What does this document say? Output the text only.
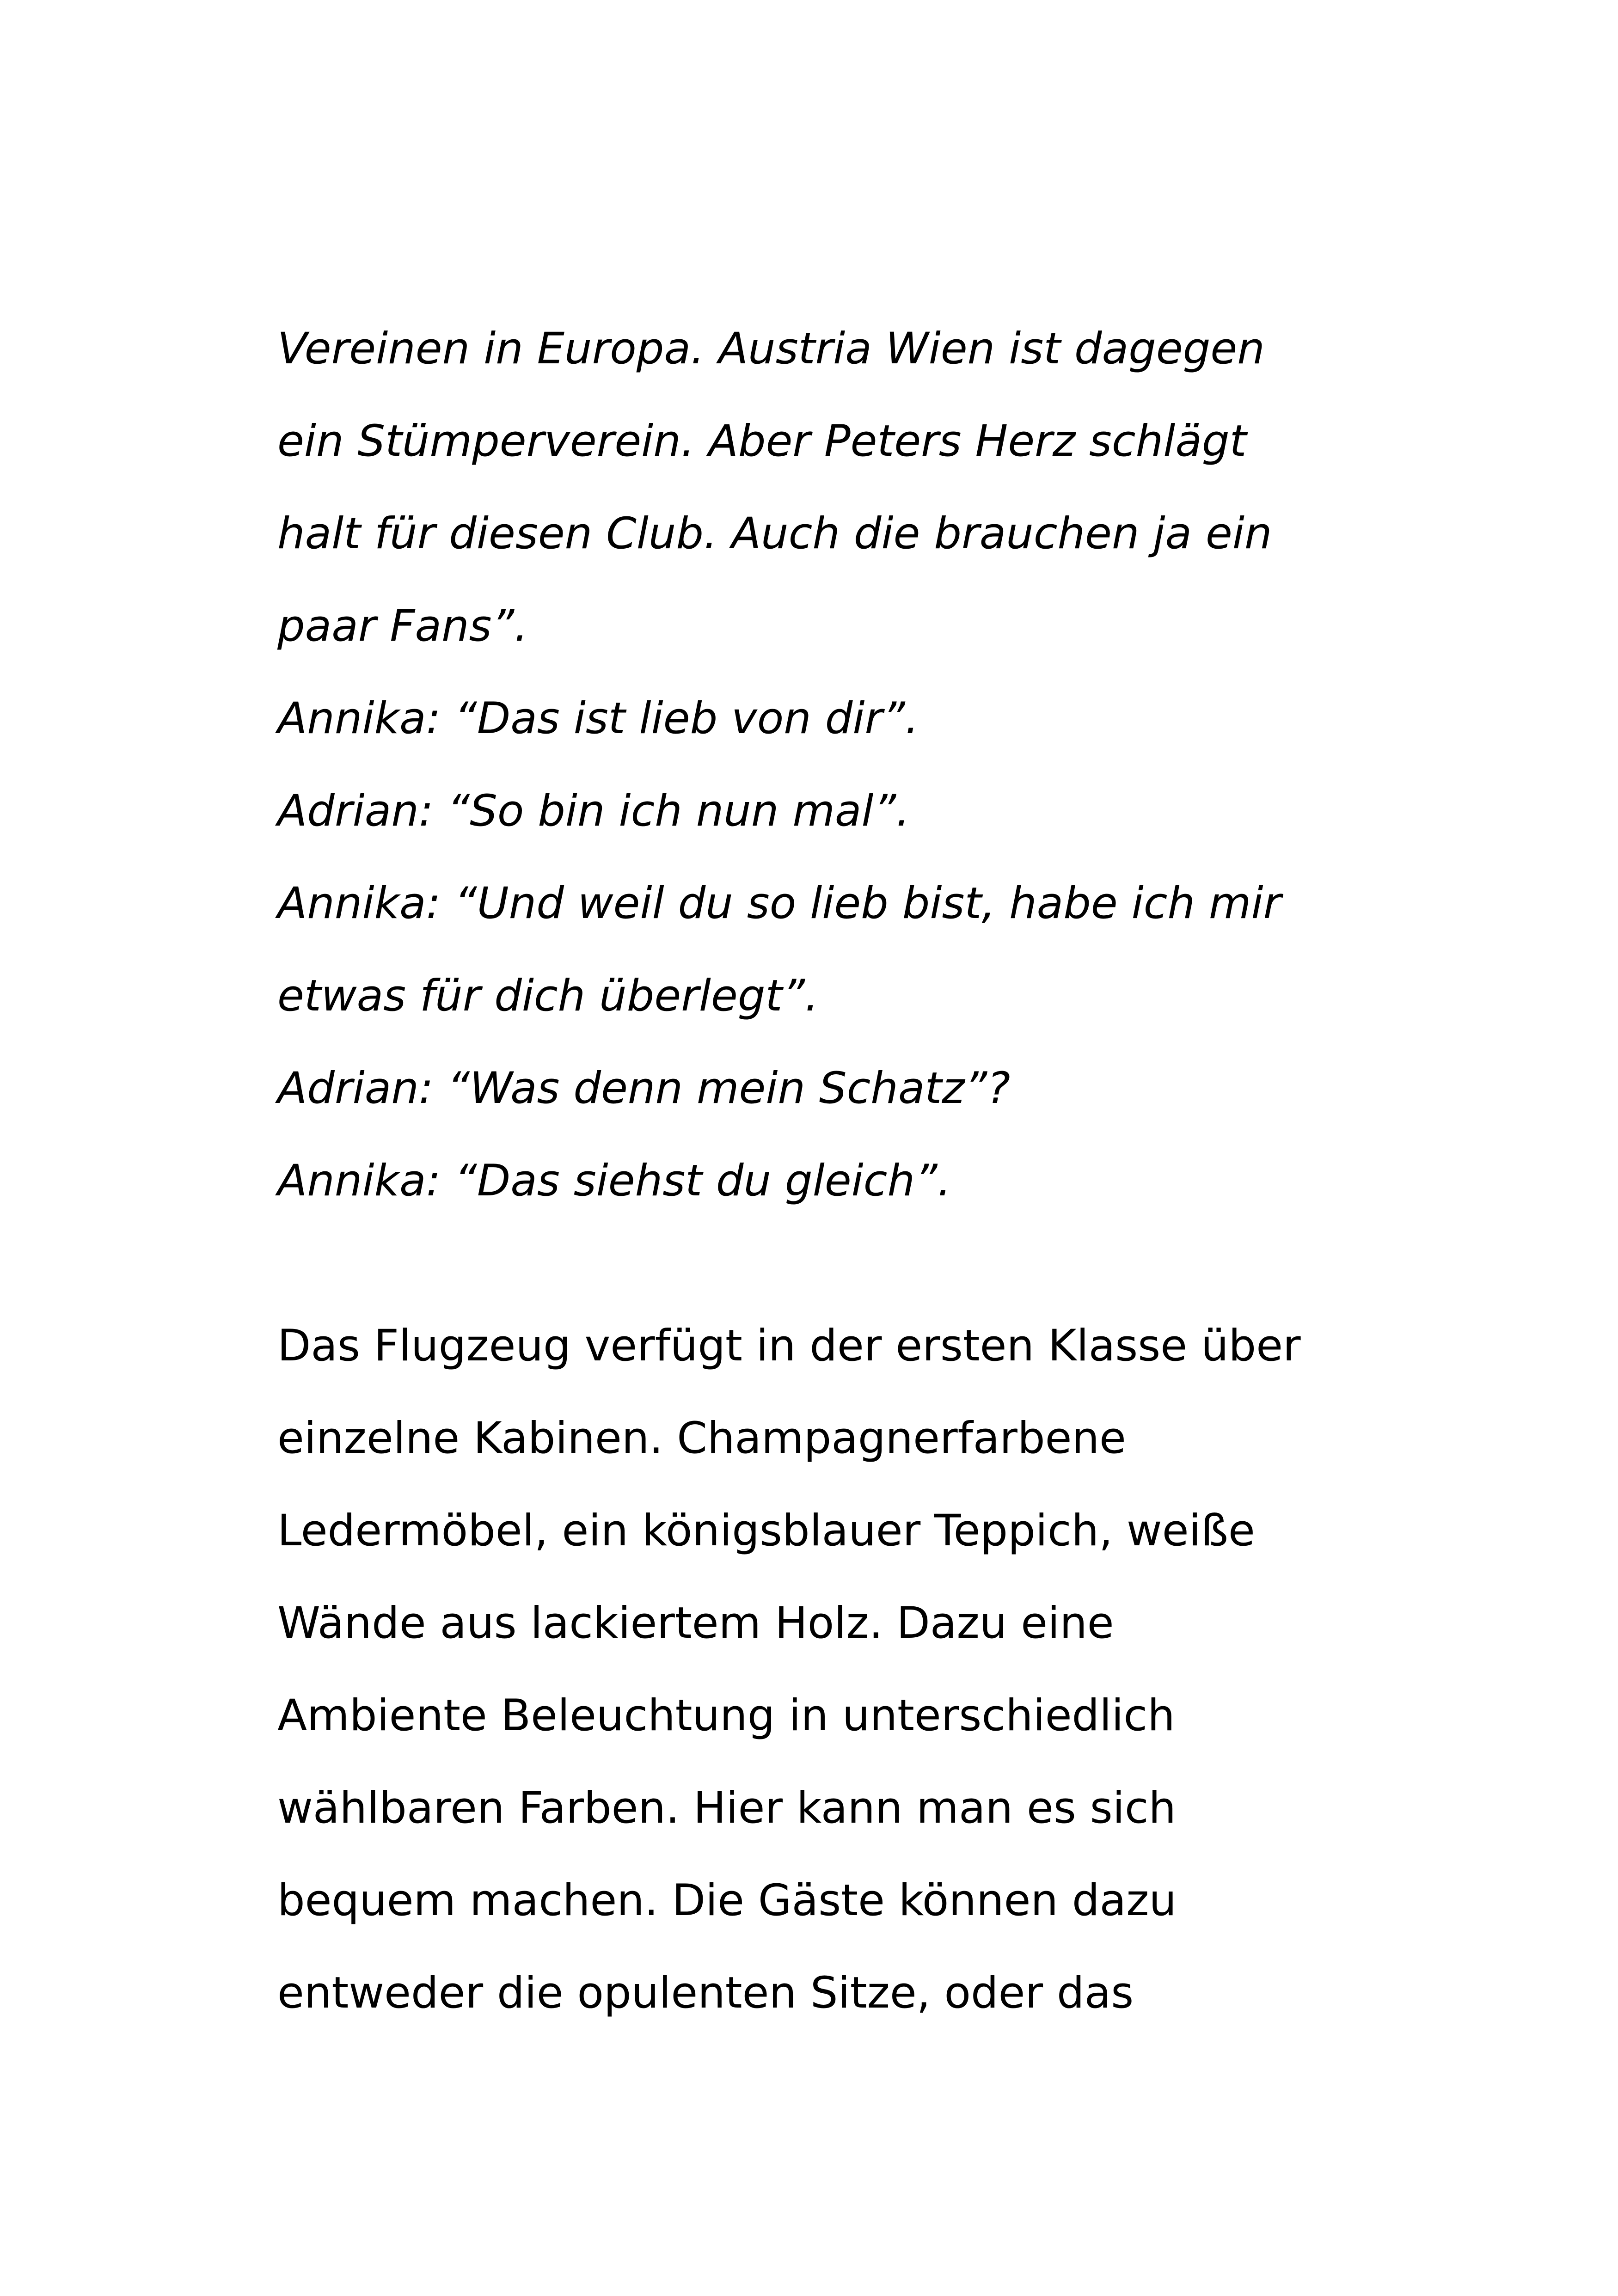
Vereinen in Europa. Austria Wien ist dagegen
ein Stümperverein. Aber Peters Herz schlägt
halt für diesen Club. Auch die brauchen ja ein
paar Fans”.
Annika: “Das ist lieb von dir”.
Adrian: “So bin ich nun mal”.
Annika: “Und weil du so lieb bist, habe ich mir
etwas für dich überlegt”.
Adrian: “Was denn mein Schatz”?
Annika: “Das siehst du gleich”.
Das Flugzeug verfügt in der ersten Klasse über
einzelne Kabinen. Champagnerfarbene
Ledermöbel, ein königsblauer Teppich, weiße
Wände aus lackiertem Holz. Dazu eine
Ambiente Beleuchtung in unterschiedlich
wählbaren Farben. Hier kann man es sich
bequem machen. Die Gäste können dazu
entweder die opulenten Sitze, oder das
